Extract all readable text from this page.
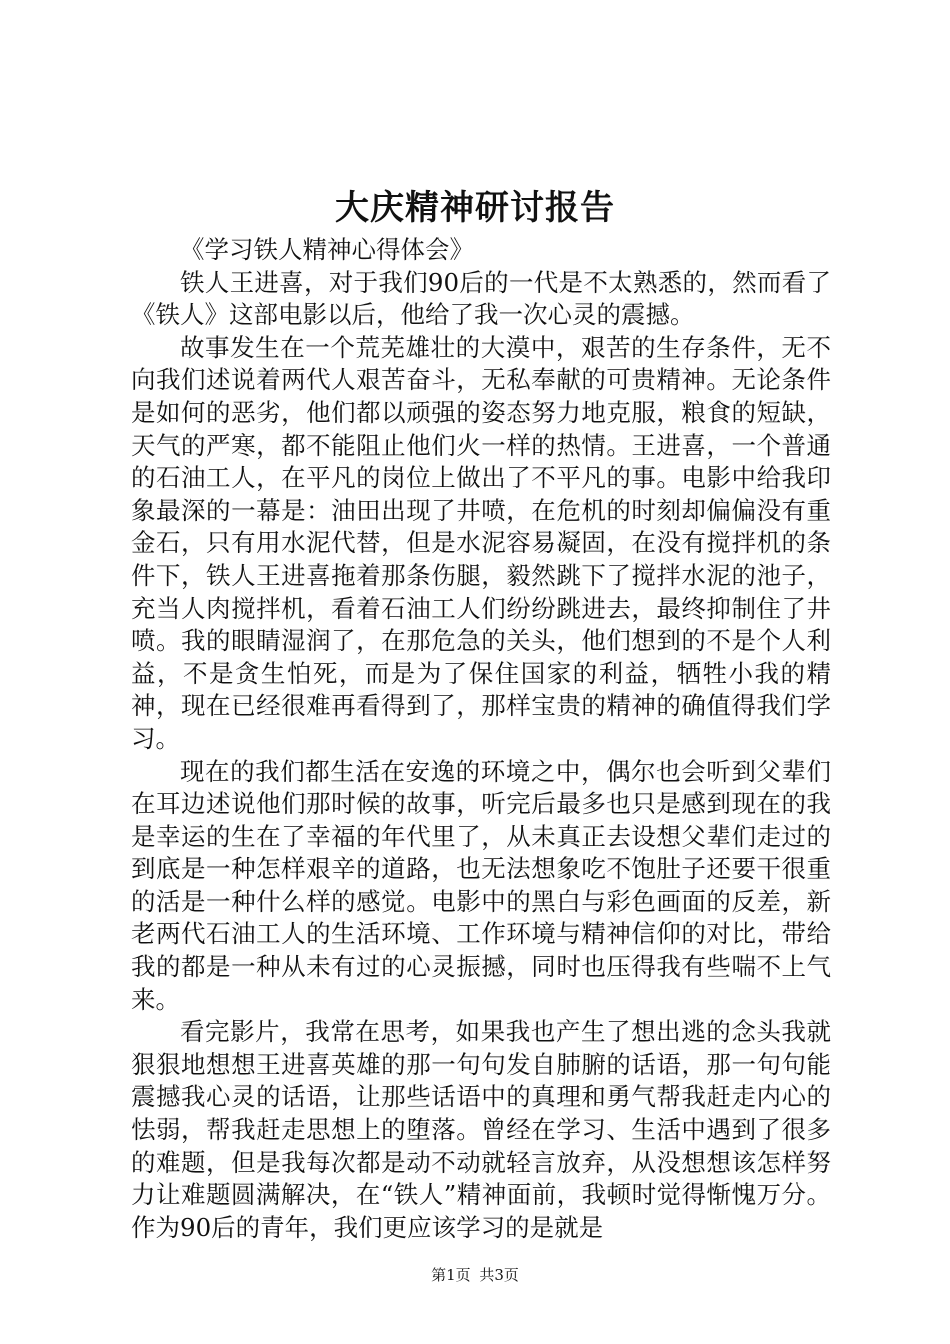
大庆精神研讨报告

《学习铁人精神心得体会》

铁人王进喜，对于我们90后的一代是不太熟悉的，然而看了《铁人》这部电影以后，他给了我一次心灵的震撼。

故事发生在一个荒芜雄壮的大漠中，艰苦的生存条件，无不向我们述说着两代人艰苦奋斗，无私奉献的可贵精神。无论条件是如何的恶劣，他们都以顽强的姿态努力地克服，粮食的短缺，天气的严寒，都不能阻止他们火一样的热情。王进喜，一个普通的石油工人，在平凡的岗位上做出了不平凡的事。电影中给我印象最深的一幕是：油田出现了井喷，在危机的时刻却偏偏没有重金石，只有用水泥代替，但是水泥容易凝固，在没有搅拌机的条件下，铁人王进喜拖着那条伤腿，毅然跳下了搅拌水泥的池子，充当人肉搅拌机，看着石油工人们纷纷跳进去，最终抑制住了井喷。我的眼睛湿润了，在那危急的关头，他们想到的不是个人利益，不是贪生怕死，而是为了保住国家的利益，牺牲小我的精神，现在已经很难再看得到了，那样宝贵的精神的确值得我们学习。

现在的我们都生活在安逸的环境之中，偶尔也会听到父辈们在耳边述说他们那时候的故事，听完后最多也只是感到现在的我是幸运的生在了幸福的年代里了，从未真正去设想父辈们走过的到底是一种怎样艰辛的道路，也无法想象吃不饱肚子还要干很重的活是一种什么样的感觉。电影中的黑白与彩色画面的反差，新老两代石油工人的生活环境、工作环境与精神信仰的对比，带给我的都是一种从未有过的心灵振撼，同时也压得我有些喘不上气来。

看完影片，我常在思考，如果我也产生了想出逃的念头我就狠狠地想想王进喜英雄的那一句句发自肺腑的话语，那一句句能震撼我心灵的话语，让那些话语中的真理和勇气帮我赶走内心的怯弱，帮我赶走思想上的堕落。曾经在学习、生活中遇到了很多的难题，但是我每次都是动不动就轻言放弃，从没想想该怎样努力让难题圆满解决，在“铁人”精神面前，我顿时觉得惭愧万分。作为90后的青年，我们更应该学习的是就是

第1页 共3页
